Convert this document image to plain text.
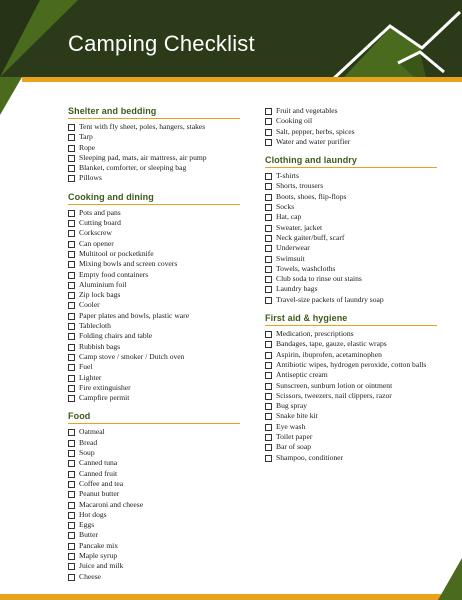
Camping Checklist
Shelter and bedding
Tent with fly sheet, poles, hangers, stakes
Tarp
Rope
Sleeping pad, mats, air mattress, air pump
Blanket, comforter, or sleeping bag
Pillows
Cooking and dining
Pots and pans
Cutting board
Corkscrew
Can opener
Multitool or pocketknife
Mixing bowls and screen covers
Empty food containers
Aluminium foil
Zip lock bags
Cooler
Paper plates and bowls, plastic ware
Tablecloth
Folding chairs and table
Rubbish bags
Camp stove / smoker / Dutch oven
Fuel
Lighter
Fire extinguisher
Campfire permit
Food
Oatmeal
Bread
Soup
Canned tuna
Canned fruit
Coffee and tea
Peanut butter
Macaroni and cheese
Hot dogs
Eggs
Butter
Pancake mix
Maple syrup
Juice and milk
Cheese
Fruit and vegetables
Cooking oil
Salt, pepper, herbs, spices
Water and water purifier
Clothing and laundry
T-shirts
Shorts, trousers
Boots, shoes, flip-flops
Socks
Hat, cap
Sweater, jacket
Neck gaiter/buff, scarf
Underwear
Swimsuit
Towels, washcloths
Club soda to rinse out stains
Laundry bags
Travel-size packets of laundry soap
First aid & hygiene
Medication, prescriptions
Bandages, tape, gauze, elastic wraps
Aspirin, ibuprofen, acetaminophen
Antibiotic wipes, hydrogen peroxide, cotton balls
Antiseptic cream
Sunscreen, sunburn lotion or ointment
Scissors, tweezers, nail clippers, razor
Bug spray
Snake bite kit
Eye wash
Toilet paper
Bar of soap
Shampoo, conditioner
